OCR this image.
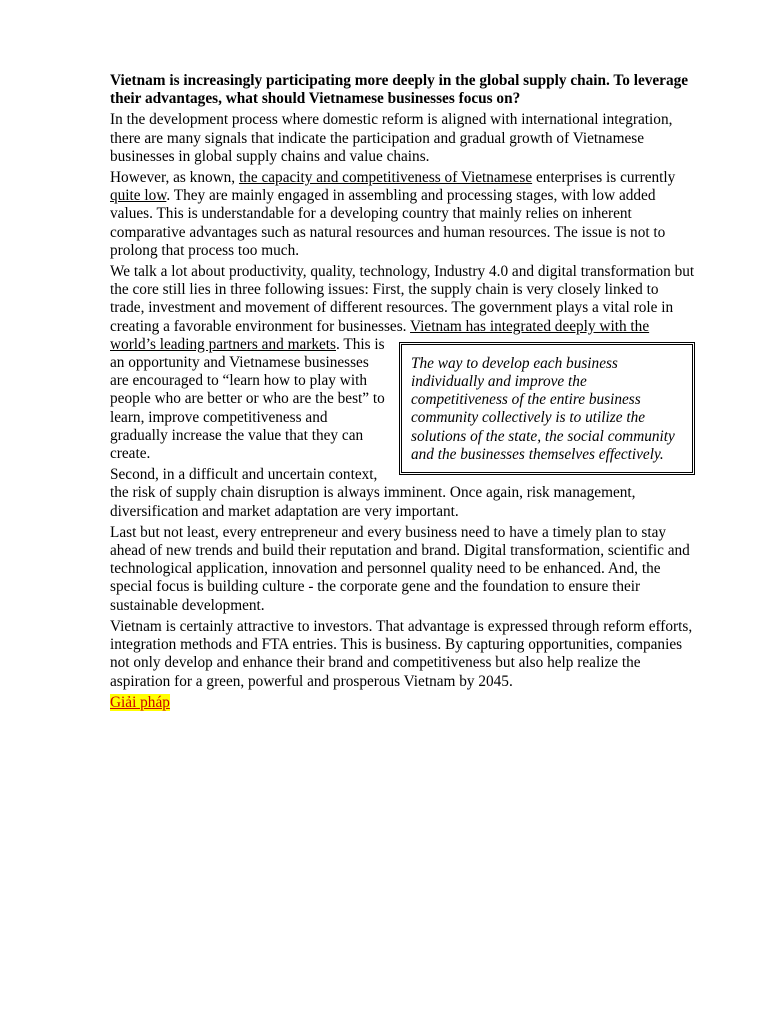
Vietnam is increasingly participating more deeply in the global supply chain. To leverage their advantages, what should Vietnamese businesses focus on?

In the development process where domestic reform is aligned with international integration, there are many signals that indicate the participation and gradual growth of Vietnamese businesses in global supply chains and value chains.

However, as known, the capacity and competitiveness of Vietnamese enterprises is currently quite low. They are mainly engaged in assembling and processing stages, with low added values. This is understandable for a developing country that mainly relies on inherent comparative advantages such as natural resources and human resources. The issue is not to prolong that process too much.

We talk a lot about productivity, quality, technology, Industry 4.0 and digital transformation but the core still lies in three following issues: First, the supply chain is very closely linked to trade, investment and movement of different resources. The government plays a vital role in creating a favorable environment for businesses. Vietnam has integrated deeply with the world’s leading partners and markets. This is
The way to develop each business individually and improve the competitiveness of the entire business community collectively is to utilize the solutions of the state, the social community and the businesses themselves effectively.
an opportunity and Vietnamese businesses are encouraged to “learn how to play with people who are better or who are the best” to learn, improve competitiveness and gradually increase the value that they can create.

Second, in a difficult and uncertain context, the risk of supply chain disruption is always imminent. Once again, risk management, diversification and market adaptation are very important.

Last but not least, every entrepreneur and every business need to have a timely plan to stay ahead of new trends and build their reputation and brand. Digital transformation, scientific and technological application, innovation and personnel quality need to be enhanced. And, the special focus is building culture - the corporate gene and the foundation to ensure their sustainable development.

Vietnam is certainly attractive to investors. That advantage is expressed through reform efforts, integration methods and FTA entries. This is business. By capturing opportunities, companies not only develop and enhance their brand and competitiveness but also help realize the aspiration for a green, powerful and prosperous Vietnam by 2045.

Giải pháp
